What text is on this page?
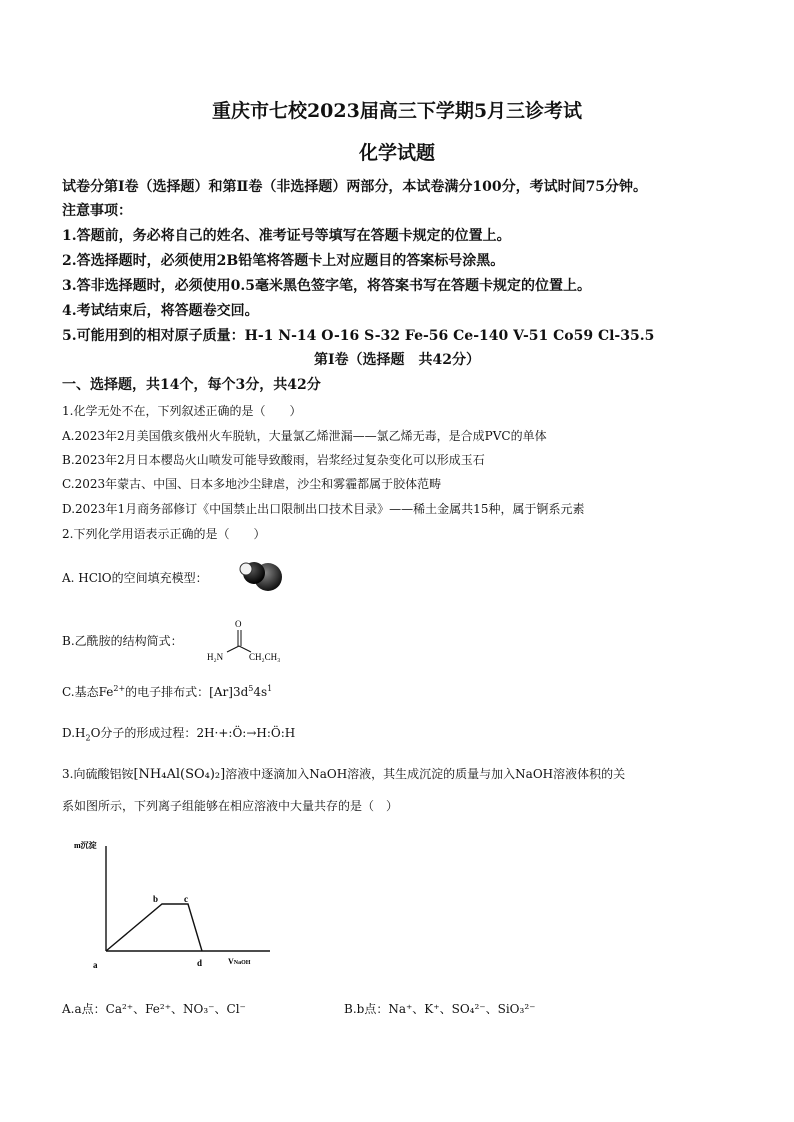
重庆市七校2023届高三下学期5月三诊考试
化学试题
试卷分第Ⅰ卷（选择题）和第Ⅱ卷（非选择题）两部分，本试卷满分100分，考试时间75分钟。
注意事项：
1.答题前，务必将自己的姓名、准考证号等填写在答题卡规定的位置上。
2.答选择题时，必须使用2B铅笔将答题卡上对应题目的答案标号涂黑。
3.答非选择题时，必须使用0.5毫米黑色签字笔，将答案书写在答题卡规定的位置上。
4.考试结束后，将答题卷交回。
5.可能用到的相对原子质量：H-1 N-14 O-16 S-32 Fe-56 Ce-140 V-51 Co59 Cl-35.5
第Ⅰ卷（选择题　共42分）
一、选择题，共14个，每个3分，共42分
1.化学无处不在，下列叙述正确的是（　　）
A.2023年2月美国俄亥俄州火车脱轨，大量氯乙烯泄漏——氯乙烯无毒，是合成PVC的单体
B.2023年2月日本樱岛火山喷发可能导致酸雨，岩浆经过复杂变化可以形成玉石
C.2023年蒙古、中国、日本多地沙尘肆虐，沙尘和雾霾都属于胶体范畴
D.2023年1月商务部修订《中国禁止出口限制出口技术目录》——稀土金属共15种，属于锕系元素
2.下列化学用语表示正确的是（　　）
A. HClO的空间填充模型：
B.乙酰胺的结构简式：
O
H₂N	CH₂CH₃
C.基态$Fe^{2+}$的电子排布式：$[Ar]3d^54s^1$
$D.H_2O$分子的形成过程：2H·+:Ö:→H:Ö:H
3.向硫酸铝铵[NH₄Al(SO₄)₂]溶液中逐滴加入NaOH溶液，其生成沉淀的质量与加入NaOH溶液体积的关
系如图所示，下列离子组能够在相应溶液中大量共存的是（　）
m沉淀
VNaOH
a
b	c
d
A.a点：Ca²⁺、Fe²⁺、NO₃⁻、Cl⁻	B.b点：Na⁺、K⁺、SO₄²⁻、SiO₃²⁻
